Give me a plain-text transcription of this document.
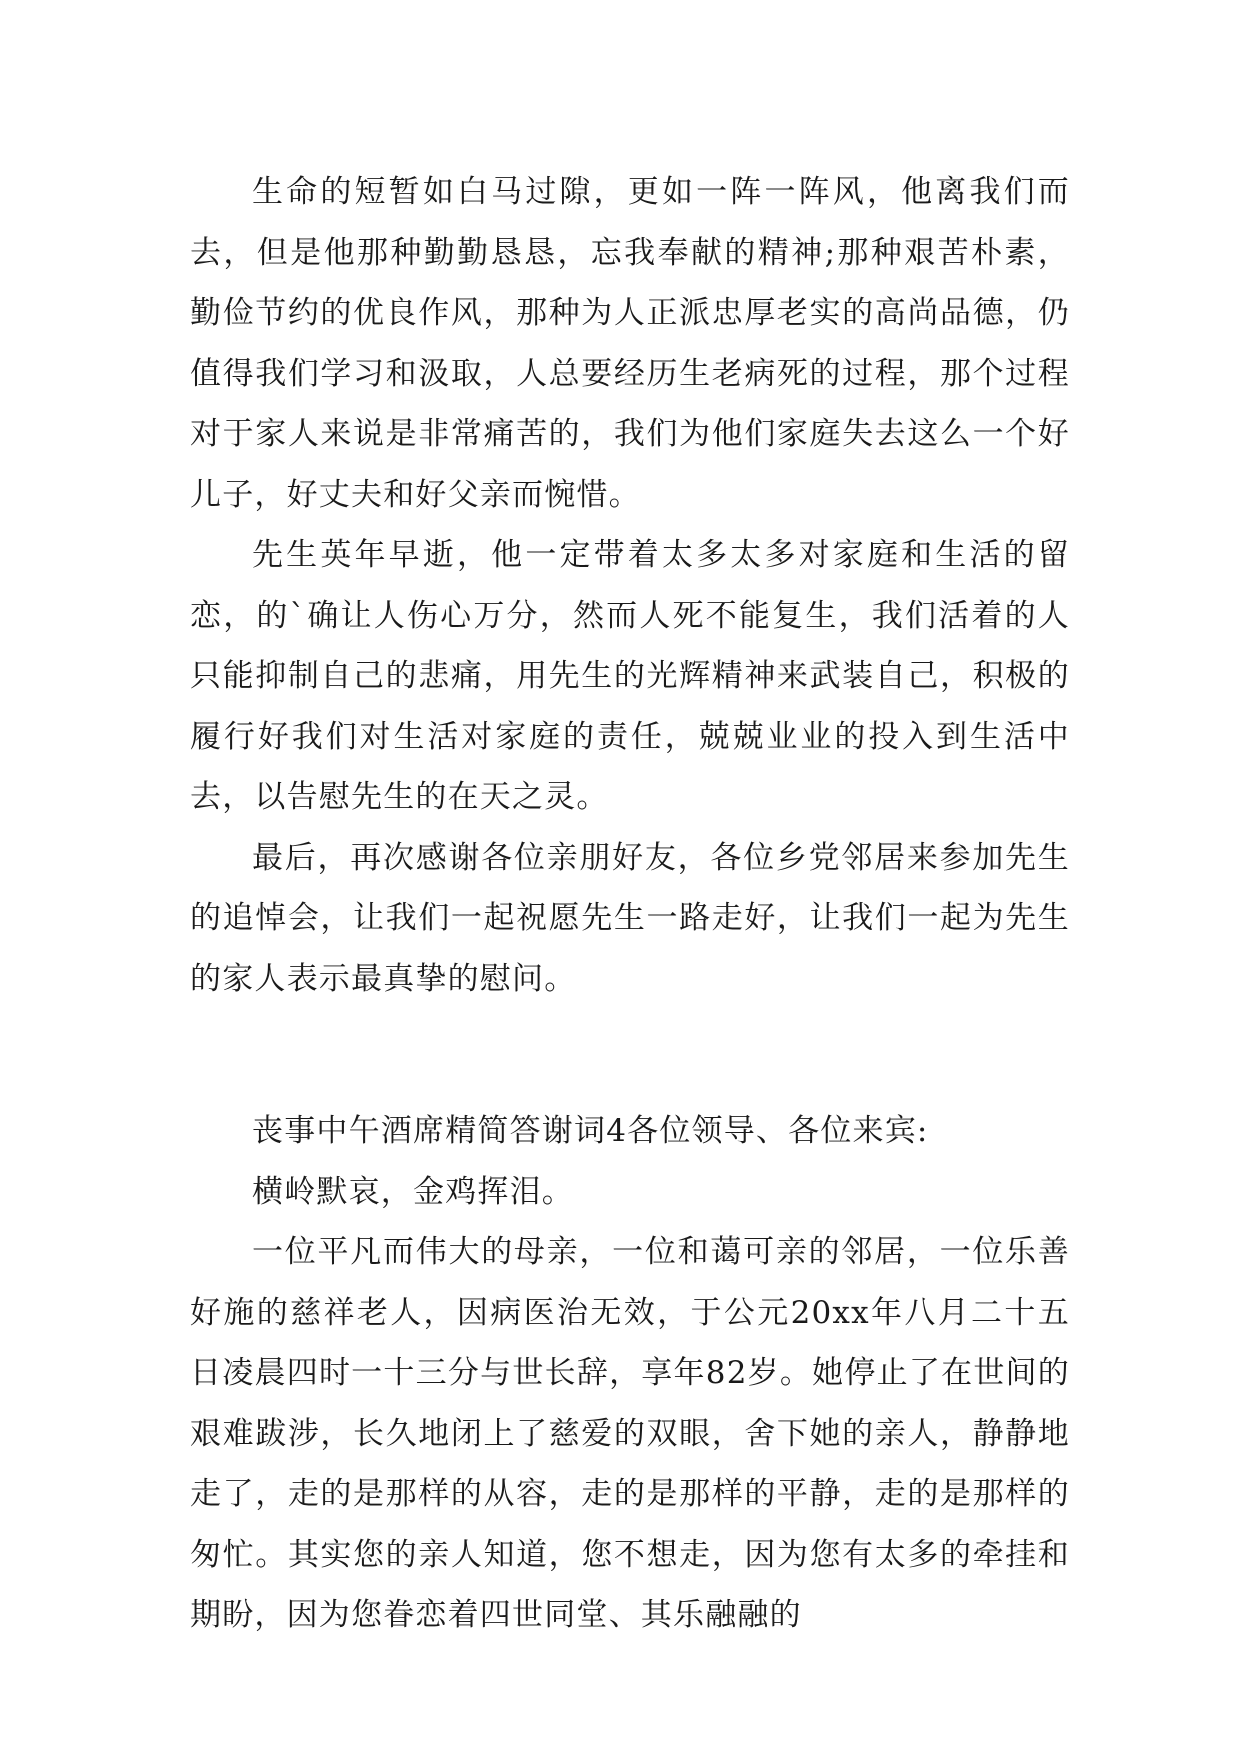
生命的短暂如白马过隙，更如一阵一阵风，他离我们而去，但是他那种勤勤恳恳，忘我奉献的精神;那种艰苦朴素，勤俭节约的优良作风，那种为人正派忠厚老实的高尚品德，仍值得我们学习和汲取，人总要经历生老病死的过程，那个过程对于家人来说是非常痛苦的，我们为他们家庭失去这么一个好儿子，好丈夫和好父亲而惋惜。

先生英年早逝，他一定带着太多太多对家庭和生活的留恋，的`确让人伤心万分，然而人死不能复生，我们活着的人只能抑制自己的悲痛，用先生的光辉精神来武装自己，积极的履行好我们对生活对家庭的责任，兢兢业业的投入到生活中去，以告慰先生的在天之灵。

最后，再次感谢各位亲朋好友，各位乡党邻居来参加先生的追悼会，让我们一起祝愿先生一路走好，让我们一起为先生的家人表示最真挚的慰问。

丧事中午酒席精简答谢词4各位领导、各位来宾:

横岭默哀，金鸡挥泪。

一位平凡而伟大的母亲，一位和蔼可亲的邻居，一位乐善好施的慈祥老人，因病医治无效，于公元20xx年八月二十五日凌晨四时一十三分与世长辞，享年82岁。她停止了在世间的艰难跋涉，长久地闭上了慈爱的双眼，舍下她的亲人，静静地走了，走的是那样的从容，走的是那样的平静，走的是那样的匆忙。其实您的亲人知道，您不想走，因为您有太多的牵挂和期盼，因为您眷恋着四世同堂、其乐融融的
